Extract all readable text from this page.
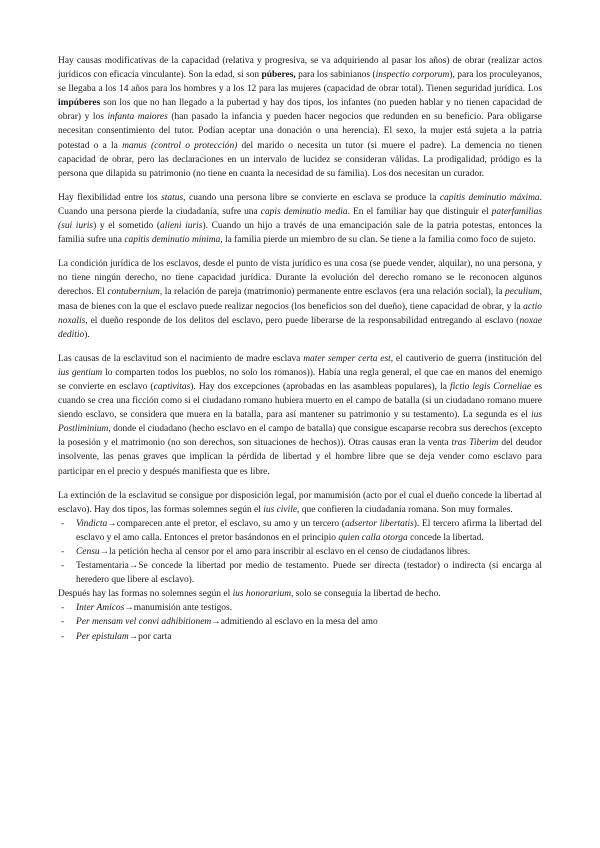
Hay causas modificativas de la capacidad (relativa y progresiva, se va adquiriendo al pasar los años) de obrar (realizar actos jurídicos con eficacia vinculante). Son la edad, si son púberes, para los sabinianos (inspectio corporum), para los proculeyanos, se llegaba a los 14 años para los hombres y a los 12 para las mujeres (capacidad de obrar total). Tienen seguridad jurídica. Los impúberes son los que no han llegado a la pubertad y hay dos tipos, los infantes (no pueden hablar y no tienen capacidad de obrar) y los infanta maiores (han pasado la infancia y pueden hacer negocios que redunden en su beneficio. Para obligarse necesitan consentimiento del tutor. Podían aceptar una donación o una herencia). El sexo, la mujer está sujeta a la patria potestad o a la manus (control o protección) del marido o necesita un tutor (si muere el padre). La demencia no tienen capacidad de obrar, pero las declaraciones en un intervalo de lucidez se consideran válidas. La prodigalidad, pródigo es la persona que dilapida su patrimonio (no tiene en cuanta la necesidad de su familia). Los dos necesitan un curador.

Hay flexibilidad entre los status, cuando una persona libre se convierte en esclava se produce la capitis deminutio máxima. Cuando una persona pierde la ciudadanía, sufre una capis deminutio media. En el familiar hay que distinguir el paterfamilias (sui iuris) y el sometido (alieni iuris). Cuando un hijo a través de una emancipación sale de la patria potestas, entonces la familia sufre una capitis deminutio mínima, la familia pierde un miembro de su clan. Se tiene a la familia como foco de sujeto.

La condición jurídica de los esclavos, desde el punto de vista jurídico es una cosa (se puede vender, alquilar), no una persona, y no tiene ningún derecho, no tiene capacidad jurídica. Durante la evolución del derecho romano se le reconocen algunos derechos. El contubernium, la relación de pareja (matrimonio) permanente entre esclavos (era una relación social), la peculium, masa de bienes con la que el esclavo puede realizar negocios (los beneficios son del dueño), tiene capacidad de obrar, y la actio noxalis, el dueño responde de los delitos del esclavo, pero puede liberarse de la responsabilidad entregando al esclavo (noxae deditio).

Las causas de la esclavitud son el nacimiento de madre esclava mater semper certa est, el cautiverio de guerra (institución del ius gentium lo comparten todos los pueblos, no solo los romanos)). Había una regla general, el que cae en manos del enemigo se convierte en esclavo (captivitas). Hay dos excepciones (aprobadas en las asambleas populares), la fictio legis Corneliae es cuando se crea una ficción como si el ciudadano romano hubiera muerto en el campo de batalla (si un ciudadano romano muere siendo esclavo, se considera que muera en la batalla, para así mantener su patrimonio y su testamento). La segunda es el ius Postliminium, donde el ciudadano (hecho esclavo en el campo de batalla) que consigue escaparse recobra sus derechos (excepto la posesión y el matrimonio (no son derechos, son situaciones de hechos)). Otras causas eran la venta tras Tiberim del deudor insolvente, las penas graves que implican la pérdida de libertad y el hombre libre que se deja vender como esclavo para participar en el precio y después manifiesta que es libre.

La extinción de la esclavitud se consigue por disposición legal, por manumisión (acto por el cual el dueño concede la libertad al esclavo). Hay dos tipos, las formas solemnes según el ius civile, que confieren la ciudadanía romana. Son muy formales.

- Vindicta→comparecen ante el pretor, el esclavo, su amo y un tercero (adsertor libertatis). El tercero afirma la libertad del esclavo y el amo calla. Entonces el pretor basándonos en el principio quien calla otorga concede la libertad.
- Censu→la petición hecha al censor por el amo para inscribir al esclavo en el censo de ciudadanos libres.
- Testamentaria→Se concede la libertad por medio de testamento. Puede ser directa (testador) o indirecta (si encarga al heredero que libere al esclavo).

Después hay las formas no solemnes según el ius honorarium, solo se conseguía la libertad de hecho.

- Inter Amicos→manumisión ante testigos.
- Per mensam vel convi adhibitionem→admitiendo al esclavo en la mesa del amo
- Per epistulam→por carta
